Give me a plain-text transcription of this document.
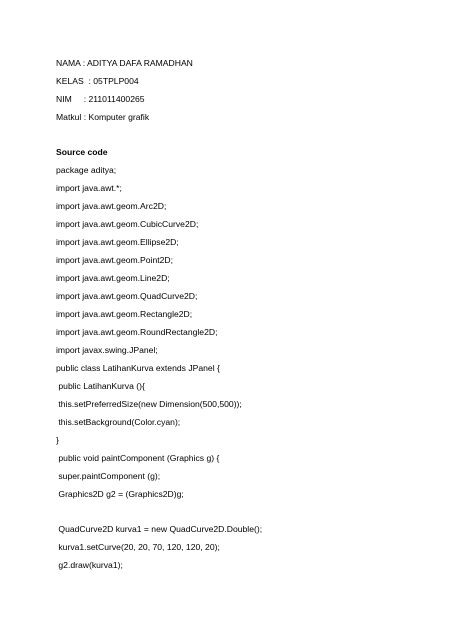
NAMA : ADITYA DAFA RAMADHAN
KELAS  : 05TPLP004
NIM     : 211011400265
Matkul : Komputer grafik
Source code
package aditya;
import java.awt.*;
import java.awt.geom.Arc2D;
import java.awt.geom.CubicCurve2D;
import java.awt.geom.Ellipse2D;
import java.awt.geom.Point2D;
import java.awt.geom.Line2D;
import java.awt.geom.QuadCurve2D;
import java.awt.geom.Rectangle2D;
import java.awt.geom.RoundRectangle2D;
import javax.swing.JPanel;
public class LatihanKurva extends JPanel {
public LatihanKurva (){
this.setPreferredSize(new Dimension(500,500));
this.setBackground(Color.cyan);
}
public void paintComponent (Graphics g) {
super.paintComponent (g);
Graphics2D g2 = (Graphics2D)g;
QuadCurve2D kurva1 = new QuadCurve2D.Double();
kurva1.setCurve(20, 20, 70, 120, 120, 20);
g2.draw(kurva1);
